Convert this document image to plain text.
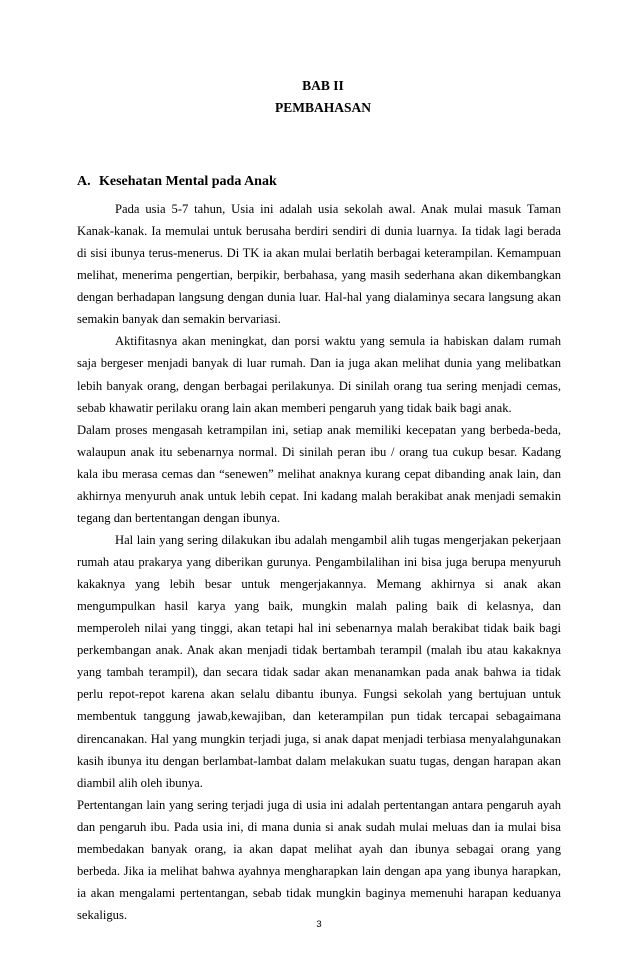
BAB II
PEMBAHASAN
A. Kesehatan Mental pada Anak

Pada usia 5-7 tahun, Usia ini adalah usia sekolah awal. Anak mulai masuk Taman Kanak-kanak. Ia memulai untuk berusaha berdiri sendiri di dunia luarnya. Ia tidak lagi berada di sisi ibunya terus-menerus. Di TK ia akan mulai berlatih berbagai keterampilan. Kemampuan melihat, menerima pengertian, berpikir, berbahasa, yang masih sederhana akan dikembangkan dengan berhadapan langsung dengan dunia luar. Hal-hal yang dialaminya secara langsung akan semakin banyak dan semakin bervariasi.

Aktifitasnya akan meningkat, dan porsi waktu yang semula ia habiskan dalam rumah saja bergeser menjadi banyak di luar rumah. Dan ia juga akan melihat dunia yang melibatkan lebih banyak orang, dengan berbagai perilakunya. Di sinilah orang tua sering menjadi cemas, sebab khawatir perilaku orang lain akan memberi pengaruh yang tidak baik bagi anak.

Dalam proses mengasah ketrampilan ini, setiap anak memiliki kecepatan yang berbeda-beda, walaupun anak itu sebenarnya normal. Di sinilah peran ibu / orang tua cukup besar. Kadang kala ibu merasa cemas dan “senewen” melihat anaknya kurang cepat dibanding anak lain, dan akhirnya menyuruh anak untuk lebih cepat. Ini kadang malah berakibat anak menjadi semakin tegang dan bertentangan dengan ibunya.

Hal lain yang sering dilakukan ibu adalah mengambil alih tugas mengerjakan pekerjaan rumah atau prakarya yang diberikan gurunya. Pengambilalihan ini bisa juga berupa menyuruh kakaknya yang lebih besar untuk mengerjakannya. Memang akhirnya si anak akan mengumpulkan hasil karya yang baik, mungkin malah paling baik di kelasnya, dan memperoleh nilai yang tinggi, akan tetapi hal ini sebenarnya malah berakibat tidak baik bagi perkembangan anak. Anak akan menjadi tidak bertambah terampil (malah ibu atau kakaknya yang tambah terampil), dan secara tidak sadar akan menanamkan pada anak bahwa ia tidak perlu repot-repot karena akan selalu dibantu ibunya. Fungsi sekolah yang bertujuan untuk membentuk tanggung jawab,kewajiban, dan keterampilan pun tidak tercapai sebagaimana direncanakan. Hal yang mungkin terjadi juga, si anak dapat menjadi terbiasa menyalahgunakan kasih ibunya itu dengan berlambat-lambat dalam melakukan suatu tugas, dengan harapan akan diambil alih oleh ibunya.

Pertentangan lain yang sering terjadi juga di usia ini adalah pertentangan antara pengaruh ayah dan pengaruh ibu. Pada usia ini, di mana dunia si anak sudah mulai meluas dan ia mulai bisa membedakan banyak orang, ia akan dapat melihat ayah dan ibunya sebagai orang yang berbeda. Jika ia melihat bahwa ayahnya mengharapkan lain dengan apa yang ibunya harapkan, ia akan mengalami pertentangan, sebab tidak mungkin baginya memenuhi harapan keduanya sekaligus.

3
